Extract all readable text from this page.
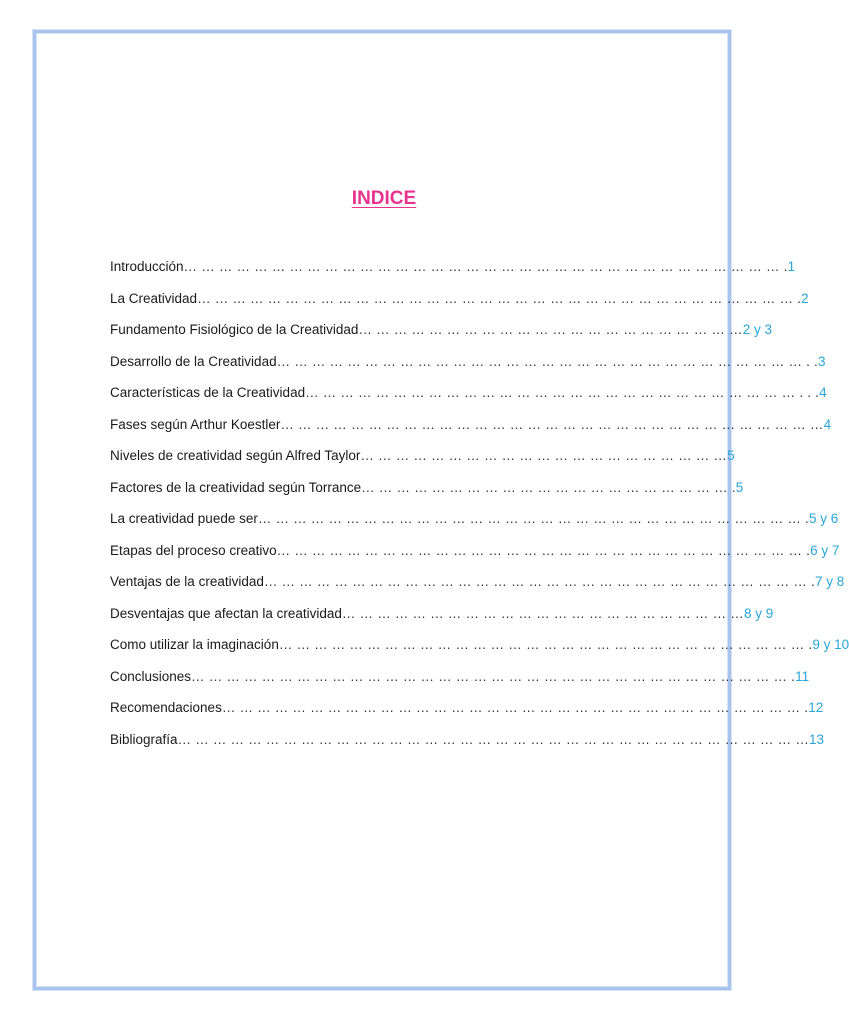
INDICE
Introducción … … … … … … … … … … … … … … … … … … … … … … … … … … … … … … … … … … . 1
La Creatividad … … … … … … … … … … … … … … … … … … … … … … … … … … … … … … … … … … . 2
Fundamento Fisiológico de la Creatividad … … … … … … … … … … … … … … … … … … … … … … 2 y 3
Desarrollo de la Creatividad … … … … … … … … … … … … … … … … … … … … … … … … … … … … … … . . 3
Características de la Creatividad … … … … … … … … … … … … … … … … … … … … … … … … … … … … . . . 4
Fases según Arthur Koestler … … … … … … … … … … … … … … … … … … … … … … … … … … … … … … … 4
Niveles de creatividad según Alfred Taylor … … … … … … … … … … … … … … … … … … … … … 5
Factores de la creatividad según Torrance … … … … … … … … … … … … … … … … … … … … … . 5
La creatividad puede ser … … … … … … … … … … … … … … … … … … … … … … … … … … … … … … … . 5 y 6
Etapas del proceso creativo … … … … … … … … … … … … … … … … … … … … … … … … … … … … … … . 6 y 7
Ventajas de la creatividad … … … … … … … … … … … … … … … … … … … … … … … … … … … … … … … . 7 y 8
Desventajas que afectan la creatividad … … … … … … … … … … … … … … … … … … … … … … … 8 y 9
Como utilizar la imaginación … … … … … … … … … … … … … … … … … … … … … … … … … … … … … … . 9 y 10
Conclusiones … … … … … … … … … … … … … … … … … … … … … … … … … … … … … … … … … … . 11
Recomendaciones … … … … … … … … … … … … … … … … … … … … … … … … … … … … … … … … … . 12
Bibliografía … … … … … … … … … … … … … … … … … … … … … … … … … … … … … … … … … … … … 13
